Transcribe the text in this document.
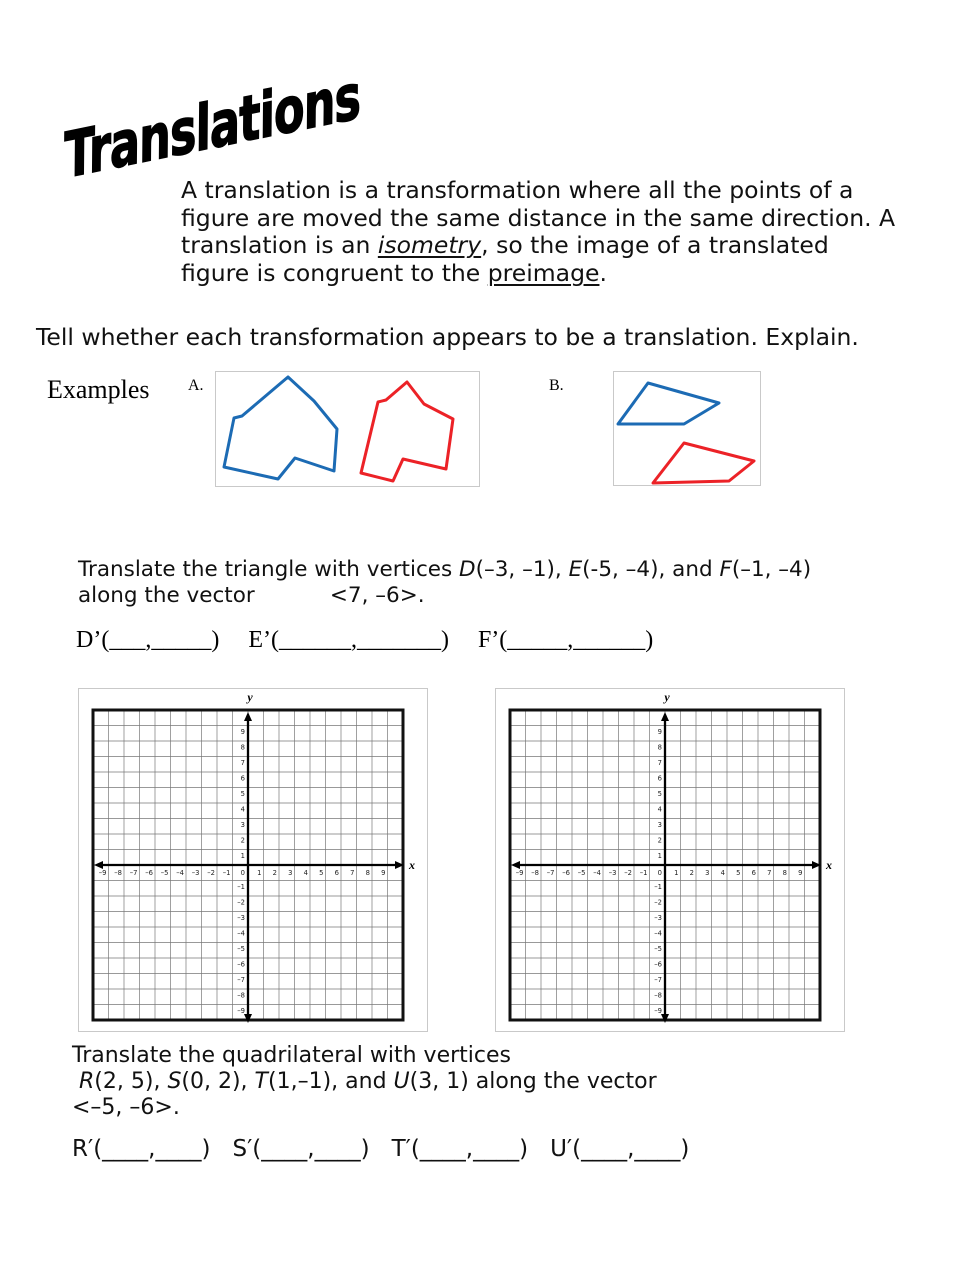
Translations
A translation is a transformation where all the points of a figure are moved the same distance in the same direction. A translation is an isometry, so the image of a translated figure is congruent to the preimage.
Tell whether each transformation appears to be a translation. Explain.
Examples A.	B.
Translate the triangle with vertices D(–3, –1), E(-5, –4), and F(–1, –4)
along the vector           <7, –6>.
D’(___,_____) E’(______,_______) F’(_____,______)
–9
–9
–8
–8
–7
–7
–6
–6
–5
–5
–4
–4
–3
–3
–2
–2
–1
–1
0 1
1
2
2
3
3
4
4
5
5
6
6
7
7
8
8
9
9
x
y
–9
–9
–8
–8
–7
–7
–6
–6
–5
–5
–4
–4
–3
–3
–2
–2
–1
–1
0 1
1
2
2
3
3
4
4
5
5
6
6
7
7
8
8
9
9
x
y
Translate the quadrilateral with vertices
R(2, 5), S(0, 2), T(1,–1), and U(3, 1) along the vector
<–5, –6>.
R′(____,____) S′(____,____) T′(____,____) U′(____,____)
